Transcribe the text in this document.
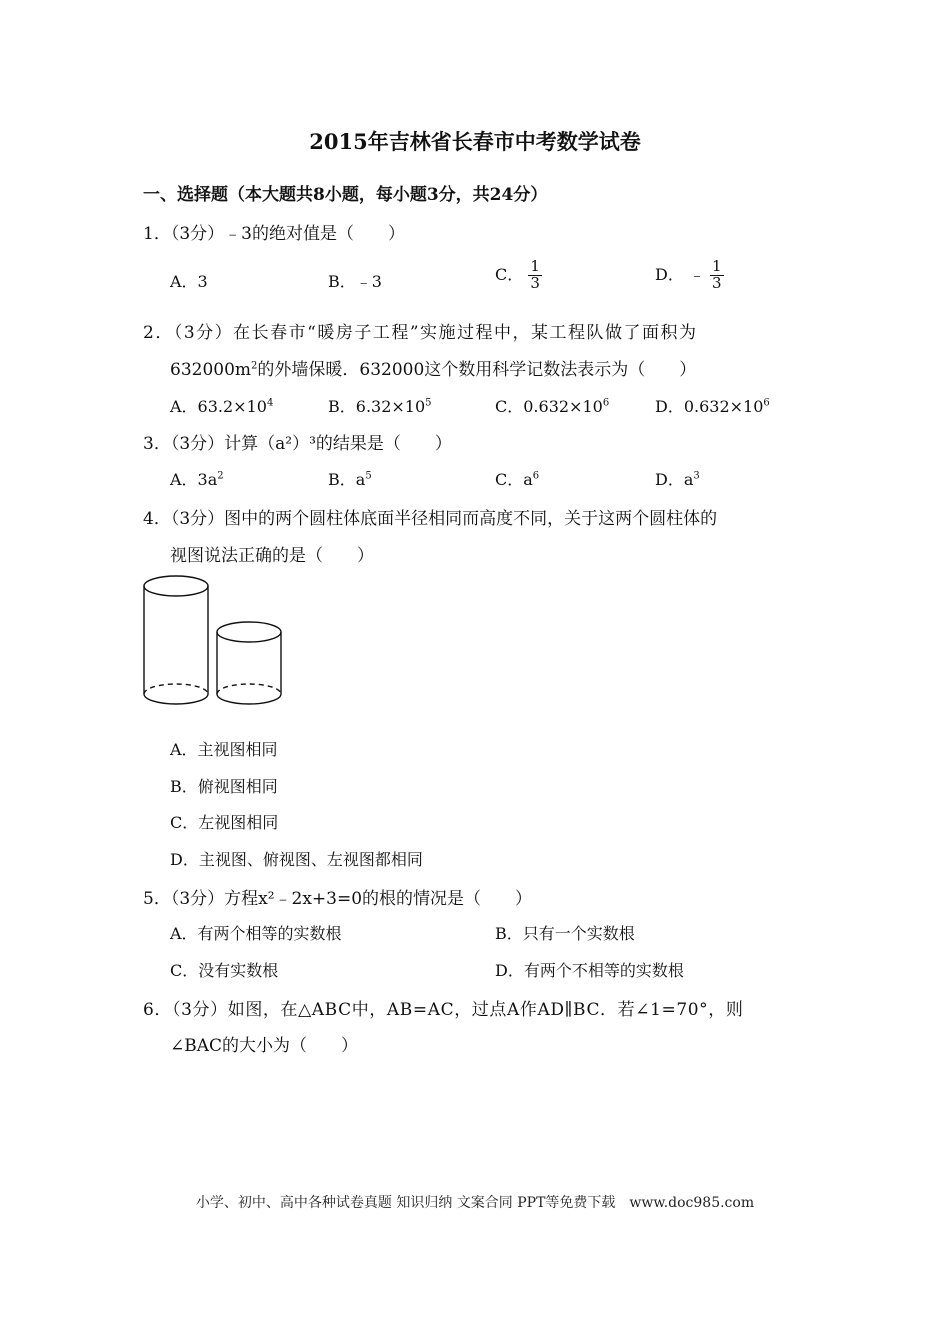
2015年吉林省长春市中考数学试卷
一、选择题（本大题共8小题，每小题3分，共24分）
1．（3分）﹣3的绝对值是（　　）
A．3	B．﹣3	C． $\frac{1}{3}$	D． ﹣ $\frac{1}{3}$
2．（3分）在长春市“暖房子工程”实施过程中，某工程队做了面积为
$632000m^2$的外墙保暖．632000这个数用科学记数法表示为（　　）
A．$63.2\times 10^4$	B．$6.32\times 10^5$	C．$0.632\times 10^6$	D．$0.632\times 10^6$
3．（3分）计算（a²）³的结果是（　　）
A．$3a^2$	B．$a^5$	C．$a^6$	D．$a^3$
4．（3分）图中的两个圆柱体底面半径相同而高度不同，关于这两个圆柱体的
视图说法正确的是（　　）
A．主视图相同
B．俯视图相同
C．左视图相同
D．主视图、俯视图、左视图都相同
5．（3分）方程x²﹣2x+3=0的根的情况是（　　）
A．有两个相等的实数根	B．只有一个实数根
C．没有实数根	D．有两个不相等的实数根
6．（3分）如图，在△ABC中，AB=AC，过点A作AD∥BC．若∠1=70°，则
∠BAC的大小为（　　）
小学、初中、高中各种试卷真题 知识归纳 文案合同 PPT等免费下载　www.doc985.com
